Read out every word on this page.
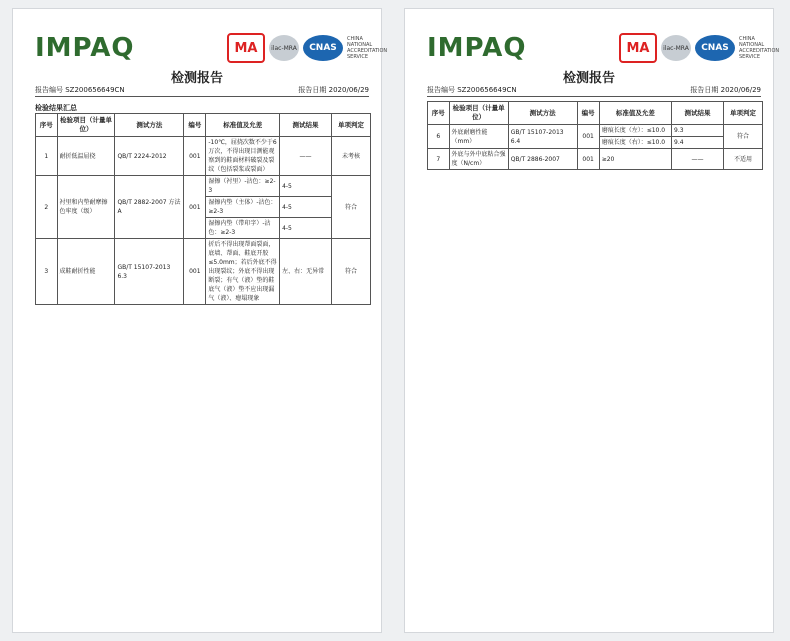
IMPAQ	MA	ilac-MRA	CNAS
CHINA NATIONAL ACCREDITATION SERVICE
检测报告
报告编号 SZ200656649CN	报告日期 2020/06/29
检验结果汇总
序号	检验项目（计量单位）	测试方法	编号	标准值及允差	测试结果	单项判定
1	耐折低温屈挠	QB/T 2224-2012	001	-10℃，屈挠次数不少于6万次，不得出现目测能观察到的鞋面材料破裂及裂纹（包括裂浆或裂面）	——	未考核
2	衬里和内垫耐摩擦色牢度（级）	QB/T 2882-2007 方法A	001	湿擦（衬里）-沾色：≥2-3	4-5	符合
				湿擦内垫（主体）-沾色：≥2-3	4-5	
				湿擦内垫（带印字）-沾色：≥2-3	4-5	
3	成鞋耐折性能	GB/T 15107-2013 6.3	001	折后不得出现帮面裂面，底墙、帮面、鞋底开胶≤5.0mm；若后外底不得出现裂纹；外底不得出现断裂；有气（液）垫的鞋底气（液）垫不应出现漏气（液）、瘪塌现象	左、右：无异常	符合
IMPAQ	MA	ilac-MRA	CNAS
CHINA NATIONAL ACCREDITATION SERVICE
检测报告
报告编号 SZ200656649CN	报告日期 2020/06/29
序号	检验项目（计量单位）	测试方法	编号	标准值及允差	测试结果	单项判定
6	外底耐磨性能（mm）	GB/T 15107-2013 6.4	001	磨痕长度（左）：≤10.0	9.3	符合
				磨痕长度（右）：≤10.0	9.4	
7	外底与外中底粘合强度（N/cm）	QB/T 2886-2007	001	≥20	——	不适用
